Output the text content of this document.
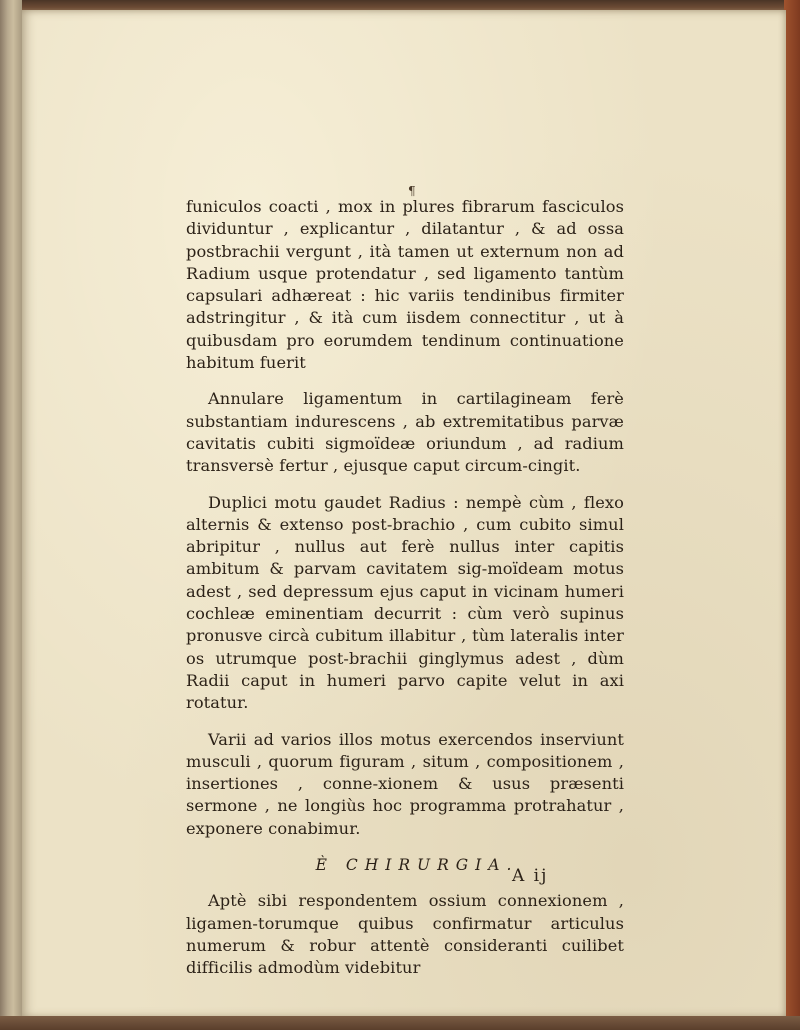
¶

funiculos coacti , mox in plures fibrarum fasciculos dividuntur , explicantur , dilatantur , & ad ossa postbrachii vergunt , ità tamen ut externum non ad Radium usque protendatur , sed ligamento tantùm capsulari adhæreat : hic variis tendinibus firmiter adstringitur , & ità cum iisdem connectitur , ut à quibusdam pro eorumdem tendinum continuatione habitum fuerit

Annulare ligamentum in cartilagineam ferè substantiam indurescens , ab extremitatibus parvæ cavitatis cubiti sigmoïdeæ oriundum , ad radium transversè fertur , ejusque caput circum-cingit.

Duplici motu gaudet Radius : nempè cùm , flexo alternis & extenso post-brachio , cum cubito simul abripitur , nullus aut ferè nullus inter capitis ambitum & parvam cavitatem sig-moïdeam motus adest , sed depressum ejus caput in vicinam humeri cochleæ eminentiam decurrit : cùm verò supinus pronusve circà cubitum illabitur , tùm lateralis inter os utrumque post-brachii ginglymus adest , dùm Radii caput in humeri parvo capite velut in axi rotatur.

Varii ad varios illos motus exercendos inserviunt musculi , quorum figuram , situm , compositionem , insertiones , conne-xionem & usus præsenti sermone , ne longiùs hoc programma protrahatur , exponere conabimur.

È CHIRURGIA.

Aptè sibi respondentem ossium connexionem , ligamen-torumque quibus confirmatur articulus numerum & robur attentè consideranti cuilibet difficilis admodùm videbitur

A ij
